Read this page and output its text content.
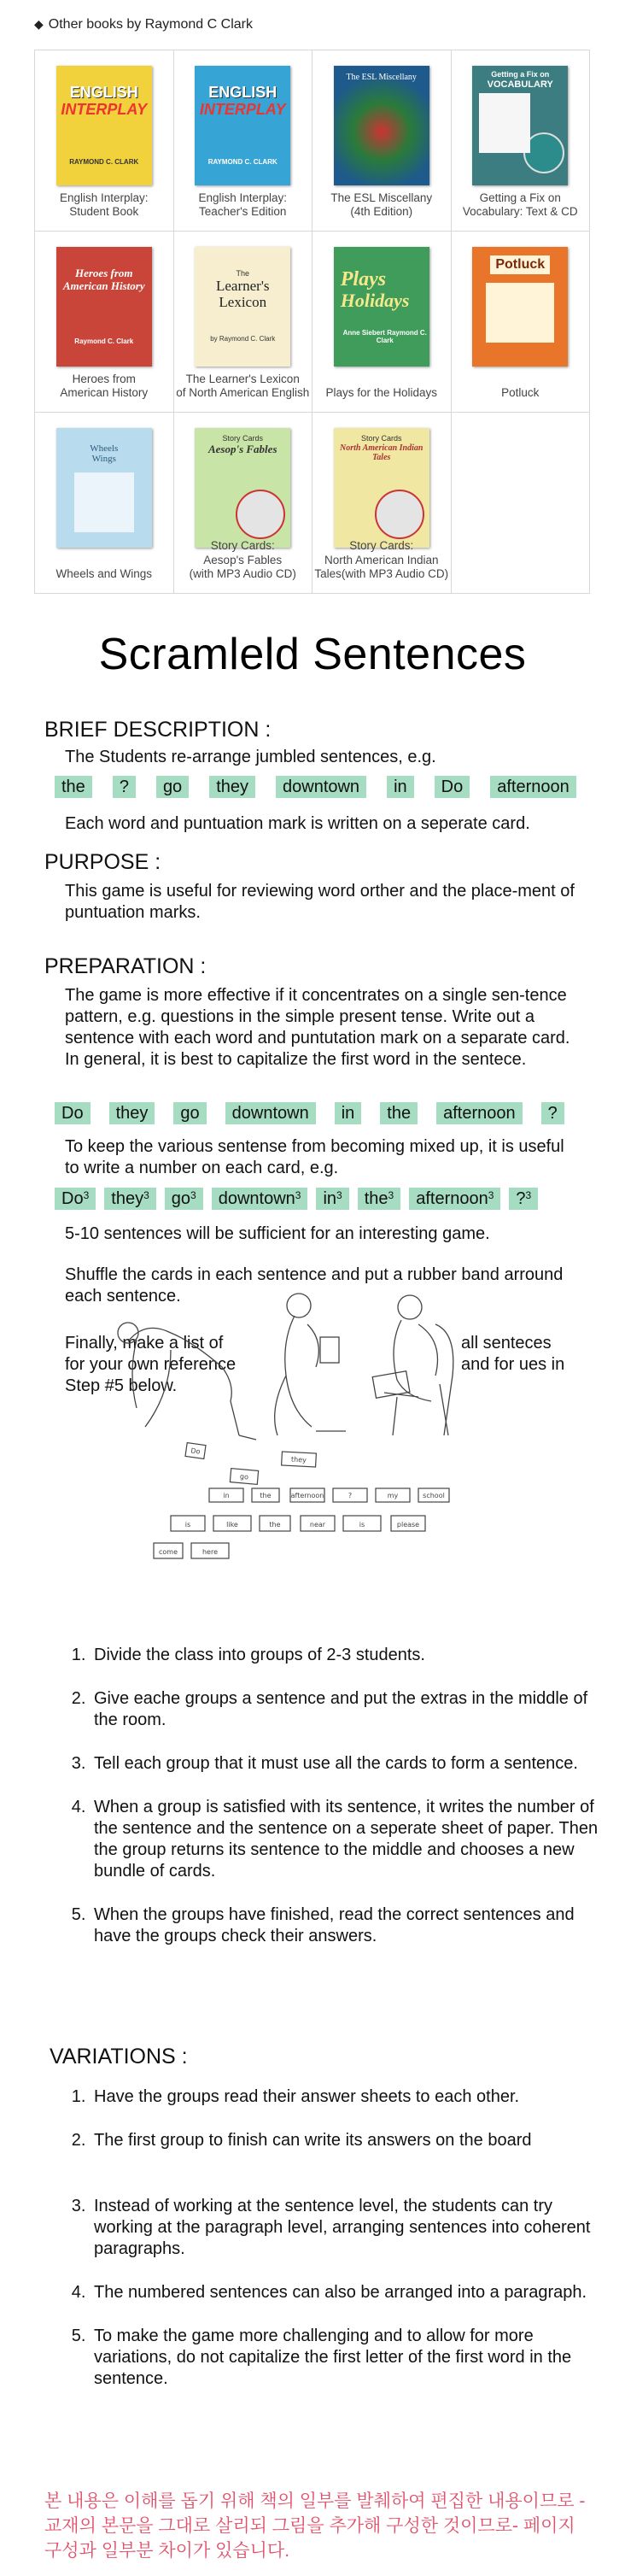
◆ Other books by Raymond C Clark
ENGLISH
INTERPLAY
RAYMOND C. CLARK
English Interplay:
Student Book
ENGLISH
INTERPLAY
RAYMOND C. CLARK
English Interplay:
Teacher's Edition
The ESL Miscellany
The ESL Miscellany
(4th Edition)
Getting a Fix on
VOCABULARY
Getting a Fix on
Vocabulary: Text & CD
Heroes from
American History
Raymond C. Clark
Heroes from
American History
The
Learner's Lexicon
by Raymond C. Clark
The Learner's Lexicon
of North American English
Plays
Holidays
Anne Siebert Raymond C. Clark
Plays for the Holidays
Potluck
Potluck
Wheels
Wings
Wheels and Wings
Story Cards
Aesop's Fables
Story Cards:
Aesop's Fables
(with MP3 Audio CD)
Story Cards
North American Indian Tales
Story Cards:
North American Indian
Tales(with MP3 Audio CD)
Scramleld Sentences
BRIEF DESCRIPTION :
The Students re-arrange jumbled sentences, e.g.
the	?	go	they	downtown	in	Do	afternoon
Each word and puntuation mark is written on a seperate card.
PURPOSE :
This game is useful for reviewing word orther and the place-ment of puntuation marks.
PREPARATION :
The game is more effective if it concentrates on a single sen-tence pattern, e.g. questions in the simple present tense. Write out a sentence with each word and puntutation mark on a separate card. In general, it is best to capitalize the first word in the sentece.
Do	they	go	downtown	in	the	afternoon	?
To keep the various sentense from becoming mixed up, it is useful to write a number on each card, e.g.
Do$^3$	they$^3$	$go^3$	downtown$^3$	$in^3$	the$^3$	afternoon$^3$	?$^3$
5-10 sentences will be sufficient for an interesting game.
Shuffle the cards in each sentence and put a rubber band arround each sentence.
Finally, make a list of
for your own reference
Step #5 below.
all senteces
and for ues in
Do
they
go
in	the	afternoon	?	my	school
is	like	the	near	is	please
come	here
1. Divide the class into groups of 2-3 students.
2. Give eache groups a sentence and put the extras in the middle of the room.
3. Tell each group that it must use all the cards to form a sentence.
4. When a group is satisfied with its sentence, it writes the number of the sentence and the sentence on a seperate sheet of paper. Then the group returns its sentence to the middle and chooses a new bundle of cards.
5. When the groups have finished, read the correct sentences and have the groups check their answers.
VARIATIONS :
1. Have the groups read their answer sheets to each other.
2. The first group to finish can write its answers on the board
3. Instead of working at the sentence level, the students can try working at the paragraph level, arranging sentences into coherent paragraphs.
4. The numbered sentences can also be arranged into a paragraph.
5. To make the game more challenging and to allow for more variations, do not capitalize the first letter of the first word in the sentence.
본 내용은 이해를 돕기 위해 책의 일부를 발췌하여 편집한 내용이므로 - 교재의 본문을 그대로 살리되 그림을 추가해 구성한 것이므로- 페이지 구성과 일부분 차이가 있습니다.
